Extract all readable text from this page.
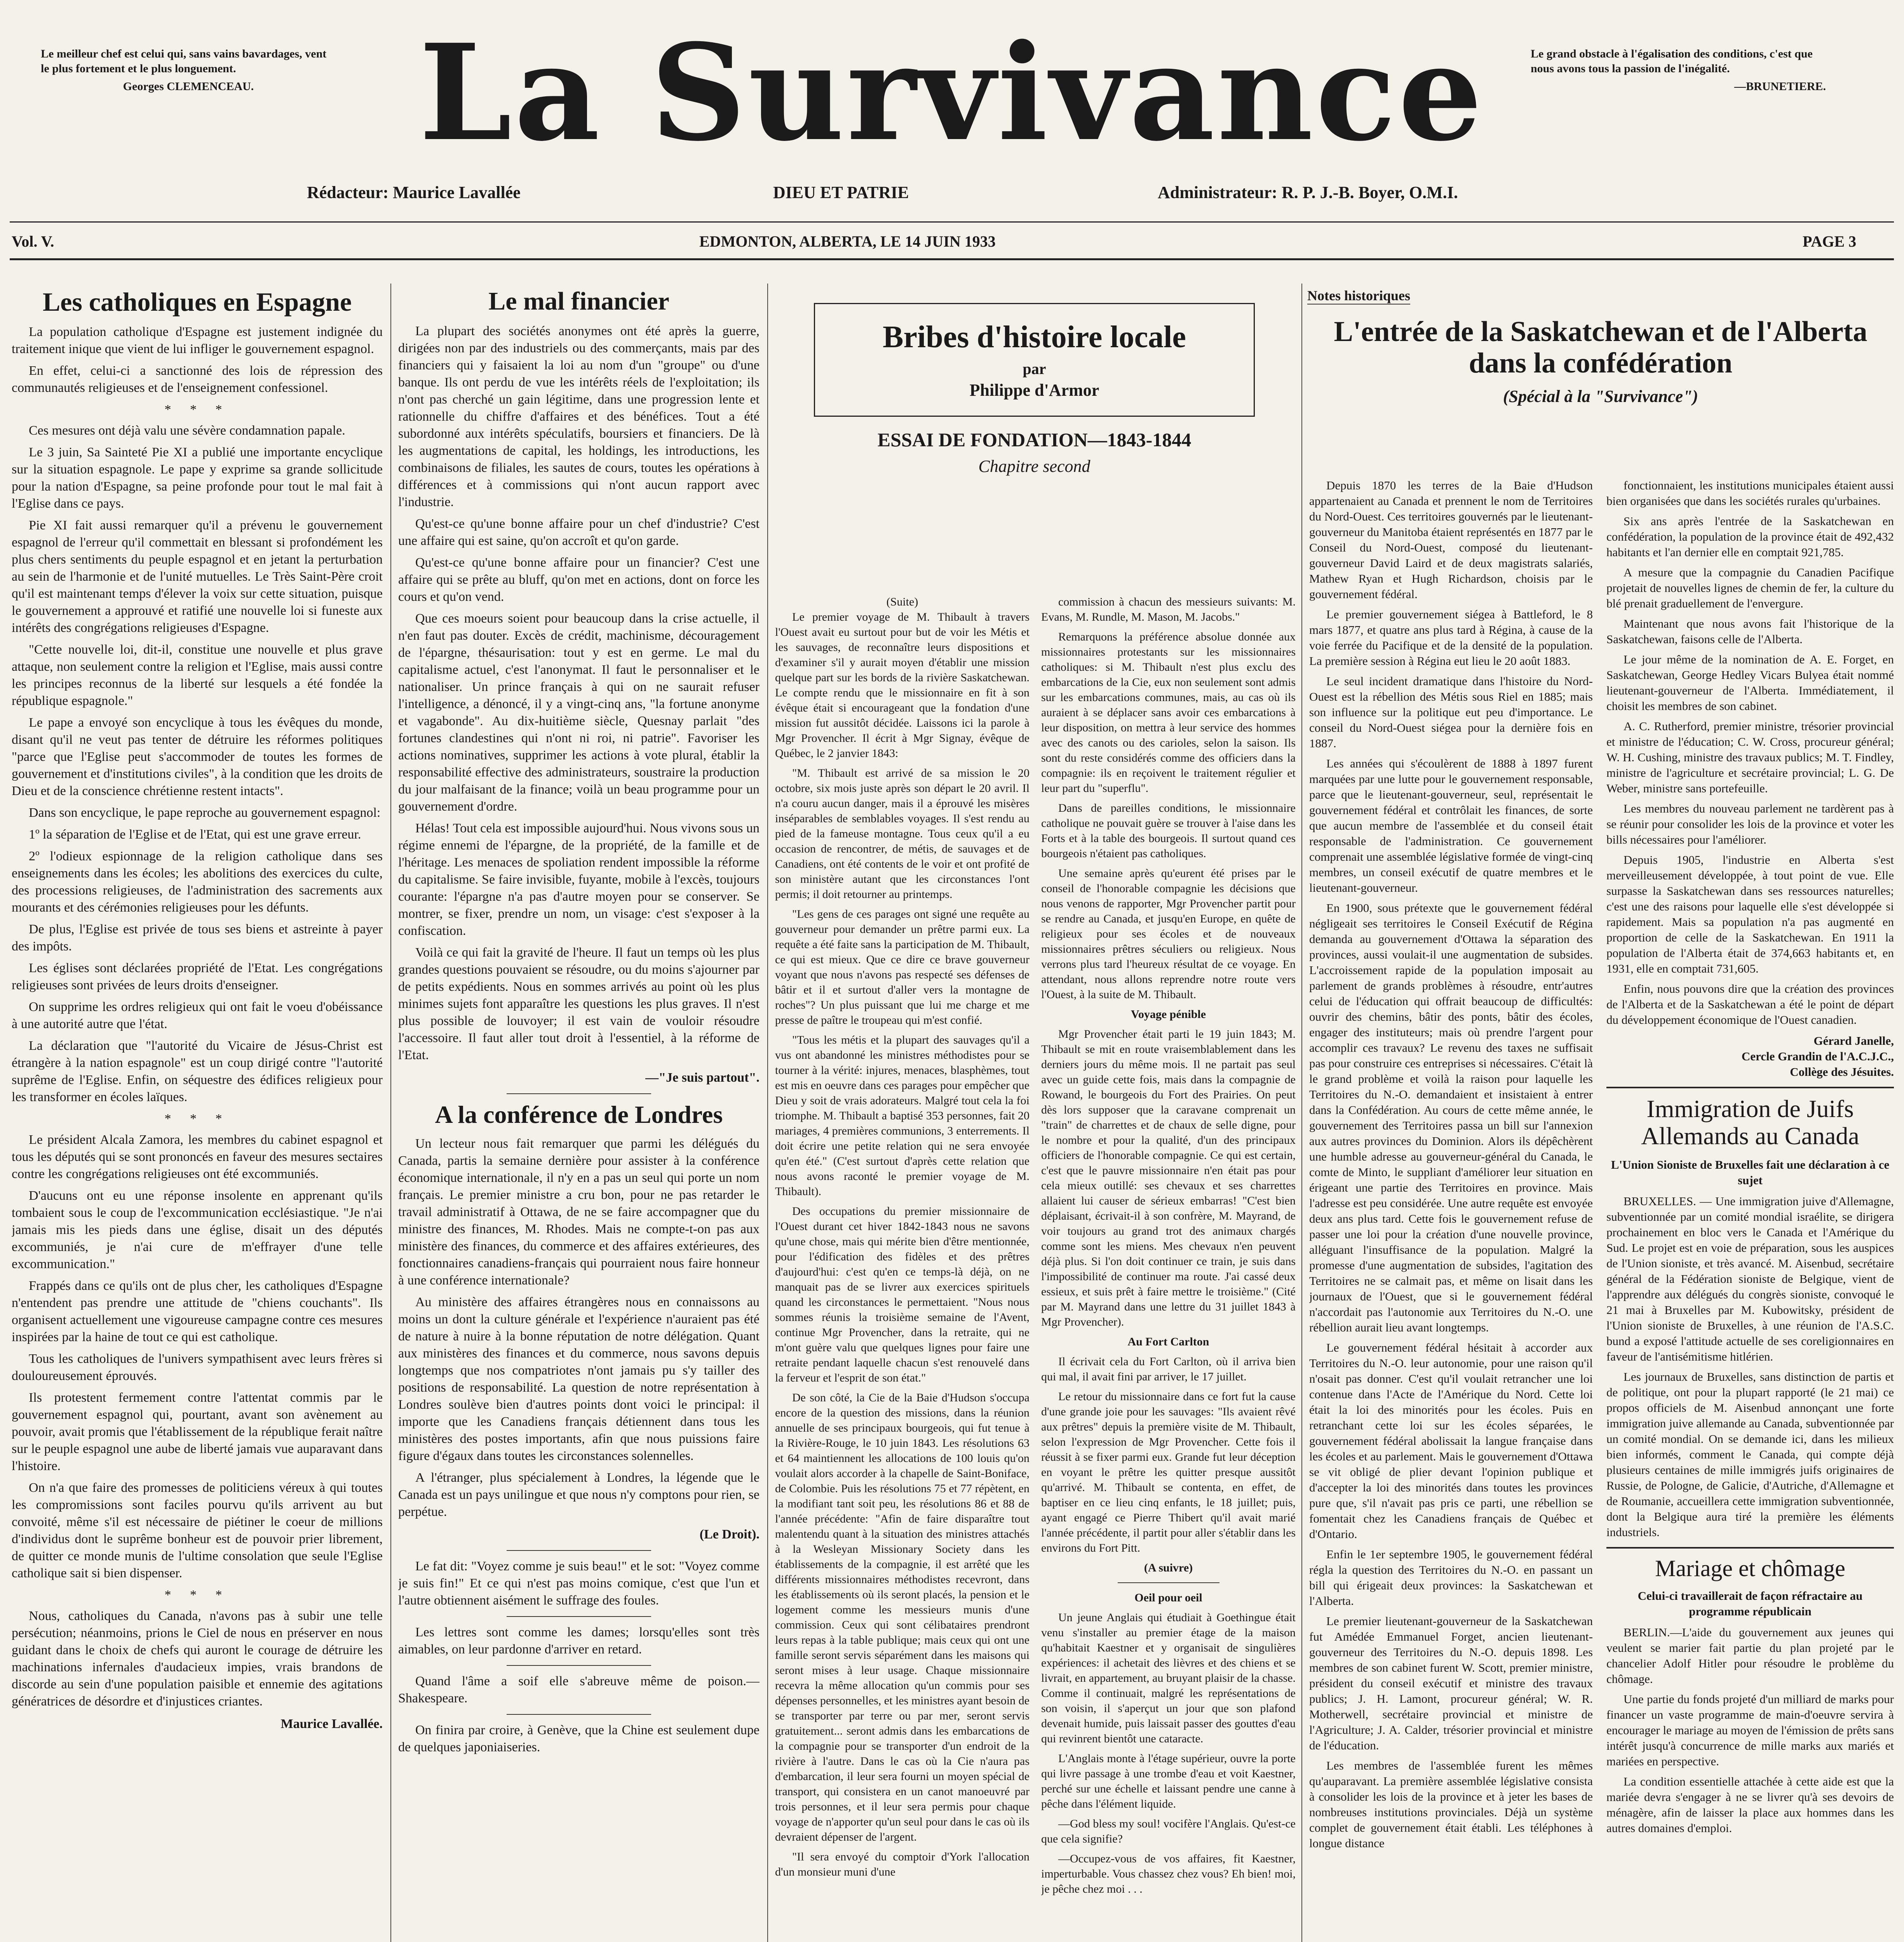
Le meilleur chef est celui qui, sans vains bavardages, vent le plus fortement et le plus longuement.
Georges CLEMENCEAU.	La Survivance	Le grand obstacle à l'égalisation des conditions, c'est que nous avons tous la passion de l'inégalité.
—BRUNETIERE.
Rédacteur: Maurice Lavallée	DIEU ET PATRIE	Administrateur: R. P. J.-B. Boyer, O.M.I.
Vol. V.	EDMONTON, ALBERTA, LE 14 JUIN 1933	PAGE 3
Les catholiques en Espagne

La population catholique d'Espagne est justement indignée du traitement inique que vient de lui infliger le gouvernement espagnol.

En effet, celui-ci a sanctionné des lois de répression des communautés religieuses et de l'enseignement confessionel.

* * *

Ces mesures ont déjà valu une sévère condamnation papale.

Le 3 juin, Sa Sainteté Pie XI a publié une importante encyclique sur la situation espagnole. Le pape y exprime sa grande sollicitude pour la nation d'Espagne, sa peine profonde pour tout le mal fait à l'Eglise dans ce pays.

Pie XI fait aussi remarquer qu'il a prévenu le gouvernement espagnol de l'erreur qu'il commettait en blessant si profondément les plus chers sentiments du peuple espagnol et en jetant la perturbation au sein de l'harmonie et de l'unité mutuelles. Le Très Saint-Père croit qu'il est maintenant temps d'élever la voix sur cette situation, puisque le gouvernement a approuvé et ratifié une nouvelle loi si funeste aux intérêts des congrégations religieuses d'Espagne.

"Cette nouvelle loi, dit-il, constitue une nouvelle et plus grave attaque, non seulement contre la religion et l'Eglise, mais aussi contre les principes reconnus de la liberté sur lesquels a été fondée la république espagnole."

Le pape a envoyé son encyclique à tous les évêques du monde, disant qu'il ne veut pas tenter de détruire les réformes politiques "parce que l'Eglise peut s'accommoder de toutes les formes de gouvernement et d'institutions civiles", à la condition que les droits de Dieu et de la conscience chrétienne restent intacts".

Dans son encyclique, le pape reproche au gouvernement espagnol:

1º la séparation de l'Eglise et de l'Etat, qui est une grave erreur.

2º l'odieux espionnage de la religion catholique dans ses enseignements dans les écoles; les abolitions des exercices du culte, des processions religieuses, de l'administration des sacrements aux mourants et des cérémonies religieuses pour les défunts.

De plus, l'Eglise est privée de tous ses biens et astreinte à payer des impôts.

Les églises sont déclarées propriété de l'Etat. Les congrégations religieuses sont privées de leurs droits d'enseigner.

On supprime les ordres religieux qui ont fait le voeu d'obéissance à une autorité autre que l'état.

La déclaration que "l'autorité du Vicaire de Jésus-Christ est étrangère à la nation espagnole" est un coup dirigé contre "l'autorité suprême de l'Eglise. Enfin, on séquestre des édifices religieux pour les transformer en écoles laïques.

* * *

Le président Alcala Zamora, les membres du cabinet espagnol et tous les députés qui se sont prononcés en faveur des mesures sectaires contre les congrégations religieuses ont été excommuniés.

D'aucuns ont eu une réponse insolente en apprenant qu'ils tombaient sous le coup de l'excommunication ecclésiastique. "Je n'ai jamais mis les pieds dans une église, disait un des députés excommuniés, je n'ai cure de m'effrayer d'une telle excommunication."

Frappés dans ce qu'ils ont de plus cher, les catholiques d'Espagne n'entendent pas prendre une attitude de "chiens couchants". Ils organisent actuellement une vigoureuse campagne contre ces mesures inspirées par la haine de tout ce qui est catholique.

Tous les catholiques de l'univers sympathisent avec leurs frères si douloureusement éprouvés.

Ils protestent fermement contre l'attentat commis par le gouvernement espagnol qui, pourtant, avant son avènement au pouvoir, avait promis que l'établissement de la république ferait naître sur le peuple espagnol une aube de liberté jamais vue auparavant dans l'histoire.

On n'a que faire des promesses de politiciens véreux à qui toutes les compromissions sont faciles pourvu qu'ils arrivent au but convoité, même s'il est nécessaire de piétiner le coeur de millions d'individus dont le suprême bonheur est de pouvoir prier librement, de quitter ce monde munis de l'ultime consolation que seule l'Eglise catholique sait si bien dispenser.

* * *

Nous, catholiques du Canada, n'avons pas à subir une telle persécution; néanmoins, prions le Ciel de nous en préserver en nous guidant dans le choix de chefs qui auront le courage de détruire les machinations infernales d'audacieux impies, vrais brandons de discorde au sein d'une population paisible et ennemie des agitations génératrices de désordre et d'injustices criantes.

Maurice Lavallée.
Le mal financier

La plupart des sociétés anonymes ont été après la guerre, dirigées non par des industriels ou des commerçants, mais par des financiers qui y faisaient la loi au nom d'un "groupe" ou d'une banque. Ils ont perdu de vue les intérêts réels de l'exploitation; ils n'ont pas cherché un gain légitime, dans une progression lente et rationnelle du chiffre d'affaires et des bénéfices. Tout a été subordonné aux intérêts spéculatifs, boursiers et financiers. De là les augmentations de capital, les holdings, les introductions, les combinaisons de filiales, les sautes de cours, toutes les opérations à différences et à commissions qui n'ont aucun rapport avec l'industrie.

Qu'est-ce qu'une bonne affaire pour un chef d'industrie? C'est une affaire qui est saine, qu'on accroît et qu'on garde.

Qu'est-ce qu'une bonne affaire pour un financier? C'est une affaire qui se prête au bluff, qu'on met en actions, dont on force les cours et qu'on vend.

Que ces moeurs soient pour beaucoup dans la crise actuelle, il n'en faut pas douter. Excès de crédit, machinisme, découragement de l'épargne, thésaurisation: tout y est en germe. Le mal du capitalisme actuel, c'est l'anonymat. Il faut le personnaliser et le nationaliser. Un prince français à qui on ne saurait refuser l'intelligence, a dénoncé, il y a vingt-cinq ans, "la fortune anonyme et vagabonde". Au dix-huitième siècle, Quesnay parlait "des fortunes clandestines qui n'ont ni roi, ni patrie". Favoriser les actions nominatives, supprimer les actions à vote plural, établir la responsabilité effective des administrateurs, soustraire la production du jour malfaisant de la finance; voilà un beau programme pour un gouvernement d'ordre.

Hélas! Tout cela est impossible aujourd'hui. Nous vivons sous un régime ennemi de l'épargne, de la propriété, de la famille et de l'héritage. Les menaces de spoliation rendent impossible la réforme du capitalisme. Se faire invisible, fuyante, mobile à l'excès, toujours courante: l'épargne n'a pas d'autre moyen pour se conserver. Se montrer, se fixer, prendre un nom, un visage: c'est s'exposer à la confiscation.

Voilà ce qui fait la gravité de l'heure. Il faut un temps où les plus grandes questions pouvaient se résoudre, ou du moins s'ajourner par de petits expédients. Nous en sommes arrivés au point où les plus minimes sujets font apparaître les questions les plus graves. Il n'est plus possible de louvoyer; il est vain de vouloir résoudre l'accessoire. Il faut aller tout droit à l'essentiel, à la réforme de l'Etat.

—"Je suis partout".
A la conférence de Londres

Un lecteur nous fait remarquer que parmi les délégués du Canada, partis la semaine dernière pour assister à la conférence économique internationale, il n'y en a pas un seul qui porte un nom français. Le premier ministre a cru bon, pour ne pas retarder le travail administratif à Ottawa, de ne se faire accompagner que du ministre des finances, M. Rhodes. Mais ne compte-t-on pas aux ministère des finances, du commerce et des affaires extérieures, des fonctionnaires canadiens-français qui pourraient nous faire honneur à une conférence internationale?

Au ministère des affaires étrangères nous en connaissons au moins un dont la culture générale et l'expérience n'auraient pas été de nature à nuire à la bonne réputation de notre délégation. Quant aux ministères des finances et du commerce, nous savons depuis longtemps que nos compatriotes n'ont jamais pu s'y tailler des positions de responsabilité. La question de notre représentation à Londres soulève bien d'autres points dont voici le principal: il importe que les Canadiens français détiennent dans tous les ministères des postes importants, afin que nous puissions faire figure d'égaux dans toutes les circonstances solennelles.

A l'étranger, plus spécialement à Londres, la légende que le Canada est un pays unilingue et que nous n'y comptons pour rien, se perpétue.

(Le Droit).

Le fat dit: "Voyez comme je suis beau!" et le sot: "Voyez comme je suis fin!" Et ce qui n'est pas moins comique, c'est que l'un et l'autre obtiennent aisément le suffrage des foules.

Les lettres sont comme les dames; lorsqu'elles sont très aimables, on leur pardonne d'arriver en retard.

Quand l'âme a soif elle s'abreuve même de poison.—Shakespeare.

On finira par croire, à Genève, que la Chine est seulement dupe de quelques japoniaiseries.

Bribes d'histoire locale
par
Philippe d'Armor
ESSAI DE FONDATION—1843-1844
Chapitre second
(Suite)

Le premier voyage de M. Thibault à travers l'Ouest avait eu surtout pour but de voir les Métis et les sauvages, de reconnaître leurs dispositions et d'examiner s'il y aurait moyen d'établir une mission quelque part sur les bords de la rivière Saskatchewan. Le compte rendu que le missionnaire en fit à son évêque était si encourageant que la fondation d'une mission fut aussitôt décidée. Laissons ici la parole à Mgr Provencher. Il écrit à Mgr Signay, évêque de Québec, le 2 janvier 1843:

"M. Thibault est arrivé de sa mission le 20 octobre, six mois juste après son départ le 20 avril. Il n'a couru aucun danger, mais il a éprouvé les misères inséparables de semblables voyages. Il s'est rendu au pied de la fameuse montagne. Tous ceux qu'il a eu occasion de rencontrer, de métis, de sauvages et de Canadiens, ont été contents de le voir et ont profité de son ministère autant que les circonstances l'ont permis; il doit retourner au printemps.

"Les gens de ces parages ont signé une requête au gouverneur pour demander un prêtre parmi eux. La requête a été faite sans la participation de M. Thibault, ce qui est mieux. Que ce dire ce brave gouverneur voyant que nous n'avons pas respecté ses défenses de bâtir et il et surtout d'aller vers la montagne de roches"? Un plus puissant que lui me charge et me presse de paître le troupeau qui m'est confié.

"Tous les métis et la plupart des sauvages qu'il a vus ont abandonné les ministres méthodistes pour se tourner à la vérité: injures, menaces, blasphèmes, tout est mis en oeuvre dans ces parages pour empêcher que Dieu y soit de vrais adorateurs. Malgré tout cela la foi triomphe. M. Thibault a baptisé 353 personnes, fait 20 mariages, 4 premières communions, 3 enterrements. Il doit écrire une petite relation qui ne sera envoyée qu'en été." (C'est surtout d'après cette relation que nous avons raconté le premier voyage de M. Thibault).

Des occupations du premier missionnaire de l'Ouest durant cet hiver 1842-1843 nous ne savons qu'une chose, mais qui mérite bien d'être mentionnée, pour l'édification des fidèles et des prêtres d'aujourd'hui: c'est qu'en ce temps-là déjà, on ne manquait pas de se livrer aux exercices spirituels quand les circonstances le permettaient. "Nous nous sommes réunis la troisième semaine de l'Avent, continue Mgr Provencher, dans la retraite, qui ne m'ont guère valu que quelques lignes pour faire une retraite pendant laquelle chacun s'est renouvelé dans la ferveur et l'esprit de son état."

De son côté, la Cie de la Baie d'Hudson s'occupa encore de la question des missions, dans la réunion annuelle de ses principaux bourgeois, qui fut tenue à la Rivière-Rouge, le 10 juin 1843. Les résolutions 63 et 64 maintiennent les allocations de 100 louis qu'on voulait alors accorder à la chapelle de Saint-Boniface, de Colombie. Puis les résolutions 75 et 77 répètent, en la modifiant tant soit peu, les résolutions 86 et 88 de l'année précédente: "Afin de faire disparaître tout malentendu quant à la situation des ministres attachés à la Wesleyan Missionary Society dans les établissements de la compagnie, il est arrêté que les différents missionnaires méthodistes recevront, dans les établissements où ils seront placés, la pension et le logement comme les messieurs munis d'une commission. Ceux qui sont célibataires prendront leurs repas à la table publique; mais ceux qui ont une famille seront servis séparément dans les maisons qui seront mises à leur usage. Chaque missionnaire recevra la même allocation qu'un commis pour ses dépenses personnelles, et les ministres ayant besoin de se transporter par terre ou par mer, seront servis gratuitement... seront admis dans les embarcations de la compagnie pour se transporter d'un endroit de la rivière à l'autre. Dans le cas où la Cie n'aura pas d'embarcation, il leur sera fourni un moyen spécial de transport, qui consistera en un canot manoeuvré par trois personnes, et il leur sera permis pour chaque voyage de n'apporter qu'un seul pour dans le cas où ils devraient dépenser de l'argent.

"Il sera envoyé du comptoir d'York l'allocation d'un monsieur muni d'une

commission à chacun des messieurs suivants: M. Evans, M. Rundle, M. Mason, M. Jacobs."

Remarquons la préférence absolue donnée aux missionnaires protestants sur les missionnaires catholiques: si M. Thibault n'est plus exclu des embarcations de la Cie, eux non seulement sont admis sur les embarcations communes, mais, au cas où ils auraient à se déplacer sans avoir ces embarcations à leur disposition, on mettra à leur service des hommes avec des canots ou des carioles, selon la saison. Ils sont du reste considérés comme des officiers dans la compagnie: ils en reçoivent le traitement régulier et leur part du "superflu".

Dans de pareilles conditions, le missionnaire catholique ne pouvait guère se trouver à l'aise dans les Forts et à la table des bourgeois. Il surtout quand ces bourgeois n'étaient pas catholiques.

Une semaine après qu'eurent été prises par le conseil de l'honorable compagnie les décisions que nous venons de rapporter, Mgr Provencher partit pour se rendre au Canada, et jusqu'en Europe, en quête de religieux pour ses écoles et de nouveaux missionnaires prêtres séculiers ou religieux. Nous verrons plus tard l'heureux résultat de ce voyage. En attendant, nous allons reprendre notre route vers l'Ouest, à la suite de M. Thibault.

Voyage pénible

Mgr Provencher était parti le 19 juin 1843; M. Thibault se mit en route vraisemblablement dans les derniers jours du même mois. Il ne partait pas seul avec un guide cette fois, mais dans la compagnie de Rowand, le bourgeois du Fort des Prairies. On peut dès lors supposer que la caravane comprenait un "train" de charrettes et de chaux de selle digne, pour le nombre et pour la qualité, d'un des principaux officiers de l'honorable compagnie. Ce qui est certain, c'est que le pauvre missionnaire n'en était pas pour cela mieux outillé: ses chevaux et ses charrettes allaient lui causer de sérieux embarras! "C'est bien déplaisant, écrivait-il à son confrère, M. Mayrand, de voir toujours au grand trot des animaux chargés comme sont les miens. Mes chevaux n'en peuvent déjà plus. Si l'on doit continuer ce train, je suis dans l'impossibilité de continuer ma route. J'ai cassé deux essieux, et suis prêt à faire mettre le troisième." (Cité par M. Mayrand dans une lettre du 31 juillet 1843 à Mgr Provencher).

Au Fort Carlton

Il écrivait cela du Fort Carlton, où il arriva bien qui mal, il avait fini par arriver, le 17 juillet.

Le retour du missionnaire dans ce fort fut la cause d'une grande joie pour les sauvages: "Ils avaient rêvé aux prêtres" depuis la première visite de M. Thibault, selon l'expression de Mgr Provencher. Cette fois il réussit à se fixer parmi eux. Grande fut leur déception en voyant le prêtre les quitter presque aussitôt qu'arrivé. M. Thibault se contenta, en effet, de baptiser en ce lieu cinq enfants, le 18 juillet; puis, ayant engagé ce Pierre Thibert qu'il avait marié l'année précédente, il partit pour aller s'établir dans les environs du Fort Pitt.

(A suivre)
Oeil pour oeil

Un jeune Anglais qui étudiait à Goethingue était venu s'installer au premier étage de la maison qu'habitait Kaestner et y organisait de singulières expériences: il achetait des lièvres et des chiens et se livrait, en appartement, au bruyant plaisir de la chasse. Comme il continuait, malgré les représentations de son voisin, il s'aperçut un jour que son plafond devenait humide, puis laissait passer des gouttes d'eau qui revinrent bientôt une cataracte.

L'Anglais monte à l'étage supérieur, ouvre la porte qui livre passage à une trombe d'eau et voit Kaestner, perché sur une échelle et laissant pendre une canne à pêche dans l'élément liquide.

—God bless my soul! vocifère l'Anglais. Qu'est-ce que cela signifie?

—Occupez-vous de vos affaires, fit Kaestner, imperturbable. Vous chassez chez vous? Eh bien! moi, je pêche chez moi . . .

Notes historiques
L'entrée de la Saskatchewan et de l'Alberta dans la confédération
(Spécial à la "Survivance")

Depuis 1870 les terres de la Baie d'Hudson appartenaient au Canada et prennent le nom de Territoires du Nord-Ouest. Ces territoires gouvernés par le lieutenant-gouverneur du Manitoba étaient représentés en 1877 par le Conseil du Nord-Ouest, composé du lieutenant-gouverneur David Laird et de deux magistrats salariés, Mathew Ryan et Hugh Richardson, choisis par le gouvernement fédéral.

Le premier gouvernement siégea à Battleford, le 8 mars 1877, et quatre ans plus tard à Régina, à cause de la voie ferrée du Pacifique et de la densité de la population. La première session à Régina eut lieu le 20 août 1883.

Le seul incident dramatique dans l'histoire du Nord-Ouest est la rébellion des Métis sous Riel en 1885; mais son influence sur la politique eut peu d'importance. Le conseil du Nord-Ouest siégea pour la dernière fois en 1887.

Les années qui s'écoulèrent de 1888 à 1897 furent marquées par une lutte pour le gouvernement responsable, parce que le lieutenant-gouverneur, seul, représentait le gouvernement fédéral et contrôlait les finances, de sorte que aucun membre de l'assemblée et du conseil était responsable de l'administration. Ce gouvernement comprenait une assemblée législative formée de vingt-cinq membres, un conseil exécutif de quatre membres et le lieutenant-gouverneur.

En 1900, sous prétexte que le gouvernement fédéral négligeait ses territoires le Conseil Exécutif de Régina demanda au gouvernement d'Ottawa la séparation des provinces, aussi voulait-il une augmentation de subsides. L'accroissement rapide de la population imposait au parlement de grands problèmes à résoudre, entr'autres celui de l'éducation qui offrait beaucoup de difficultés: ouvrir des chemins, bâtir des ponts, bâtir des écoles, engager des instituteurs; mais où prendre l'argent pour accomplir ces travaux? Le revenu des taxes ne suffisait pas pour construire ces entreprises si nécessaires. C'était là le grand problème et voilà la raison pour laquelle les Territoires du N.-O. demandaient et insistaient à entrer dans la Confédération. Au cours de cette même année, le gouvernement des Territoires passa un bill sur l'annexion aux autres provinces du Dominion. Alors ils dépêchèrent une humble adresse au gouverneur-général du Canada, le comte de Minto, le suppliant d'améliorer leur situation en érigeant une partie des Territoires en province. Mais l'adresse est peu considérée. Une autre requête est envoyée deux ans plus tard. Cette fois le gouvernement refuse de passer une loi pour la création d'une nouvelle province, alléguant l'insuffisance de la population. Malgré la promesse d'une augmentation de subsides, l'agitation des Territoires ne se calmait pas, et même on lisait dans les journaux de l'Ouest, que si le gouvernement fédéral n'accordait pas l'autonomie aux Territoires du N.-O. une rébellion aurait lieu avant longtemps.

Le gouvernement fédéral hésitait à accorder aux Territoires du N.-O. leur autonomie, pour une raison qu'il n'osait pas donner. C'est qu'il voulait retrancher une loi contenue dans l'Acte de l'Amérique du Nord. Cette loi était la loi des minorités pour les écoles. Puis en retranchant cette loi sur les écoles séparées, le gouvernement fédéral abolissait la langue française dans les écoles et au parlement. Mais le gouvernement d'Ottawa se vit obligé de plier devant l'opinion publique et d'accepter la loi des minorités dans toutes les provinces pure que, s'il n'avait pas pris ce parti, une rébellion se fomentait chez les Canadiens français de Québec et d'Ontario.

Enfin le 1er septembre 1905, le gouvernement fédéral régla la question des Territoires du N.-O. en passant un bill qui érigeait deux provinces: la Saskatchewan et l'Alberta.

Le premier lieutenant-gouverneur de la Saskatchewan fut Amédée Emmanuel Forget, ancien lieutenant-gouverneur des Territoires du N.-O. depuis 1898. Les membres de son cabinet furent W. Scott, premier ministre, président du conseil exécutif et ministre des travaux publics; J. H. Lamont, procureur général; W. R. Motherwell, secrétaire provincial et ministre de l'Agriculture; J. A. Calder, trésorier provincial et ministre de l'éducation.

Les membres de l'assemblée furent les mêmes qu'auparavant. La première assemblée législative consista à consolider les lois de la province et à jeter les bases de nombreuses institutions provinciales. Déjà un système complet de gouvernement était établi. Les téléphones à longue distance

fonctionnaient, les institutions municipales étaient aussi bien organisées que dans les sociétés rurales qu'urbaines.

Six ans après l'entrée de la Saskatchewan en confédération, la population de la province était de 492,432 habitants et l'an dernier elle en comptait 921,785.

A mesure que la compagnie du Canadien Pacifique projetait de nouvelles lignes de chemin de fer, la culture du blé prenait graduellement de l'envergure.

Maintenant que nous avons fait l'historique de la Saskatchewan, faisons celle de l'Alberta.

Le jour même de la nomination de A. E. Forget, en Saskatchewan, George Hedley Vicars Bulyea était nommé lieutenant-gouverneur de l'Alberta. Immédiatement, il choisit les membres de son cabinet.

A. C. Rutherford, premier ministre, trésorier provincial et ministre de l'éducation; C. W. Cross, procureur général; W. H. Cushing, ministre des travaux publics; M. T. Findley, ministre de l'agriculture et secrétaire provincial; L. G. De Weber, ministre sans portefeuille.

Les membres du nouveau parlement ne tardèrent pas à se réunir pour consolider les lois de la province et voter les bills nécessaires pour l'améliorer.

Depuis 1905, l'industrie en Alberta s'est merveilleusement développée, à tout point de vue. Elle surpasse la Saskatchewan dans ses ressources naturelles; c'est une des raisons pour laquelle elle s'est développée si rapidement. Mais sa population n'a pas augmenté en proportion de celle de la Saskatchewan. En 1911 la population de l'Alberta était de 374,663 habitants et, en 1931, elle en comptait 731,605.

Enfin, nous pouvons dire que la création des provinces de l'Alberta et de la Saskatchewan a été le point de départ du développement économique de l'Ouest canadien.

Gérard Janelle,
Cercle Grandin de l'A.C.J.C.,
Collège des Jésuites.
Immigration de Juifs Allemands au Canada
L'Union Sioniste de Bruxelles fait une déclaration à ce sujet

BRUXELLES. — Une immigration juive d'Allemagne, subventionnée par un comité mondial israélite, se dirigera prochainement en bloc vers le Canada et l'Amérique du Sud. Le projet est en voie de préparation, sous les auspices de l'Union sioniste, et très avancé. M. Aisenbud, secrétaire général de la Fédération sioniste de Belgique, vient de l'apprendre aux délégués du congrès sioniste, convoqué le 21 mai à Bruxelles par M. Kubowitsky, président de l'Union sioniste de Bruxelles, à une réunion de l'A.S.C. bund a exposé l'attitude actuelle de ses coreligionnaires en faveur de l'antisémitisme hitlérien.

Les journaux de Bruxelles, sans distinction de partis et de politique, ont pour la plupart rapporté (le 21 mai) ce propos officiels de M. Aisenbud annonçant une forte immigration juive allemande au Canada, subventionnée par un comité mondial. On se demande ici, dans les milieux bien informés, comment le Canada, qui compte déjà plusieurs centaines de mille immigrés juifs originaires de Russie, de Pologne, de Galicie, d'Autriche, d'Allemagne et de Roumanie, accueillera cette immigration subventionnée, dont la Belgique aura tiré la première les éléments industriels.

Mariage et chômage
Celui-ci travaillerait de façon réfractaire au programme républicain

BERLIN.—L'aide du gouvernement aux jeunes qui veulent se marier fait partie du plan projeté par le chancelier Adolf Hitler pour résoudre le problème du chômage.

Une partie du fonds projeté d'un milliard de marks pour financer un vaste programme de main-d'oeuvre servira à encourager le mariage au moyen de l'émission de prêts sans intérêt jusqu'à concurrence de mille marks aux mariés et mariées en perspective.

La condition essentielle attachée à cette aide est que la mariée devra s'engager à ne se livrer qu'à ses devoirs de ménagère, afin de laisser la place aux hommes dans les autres domaines d'emploi.
